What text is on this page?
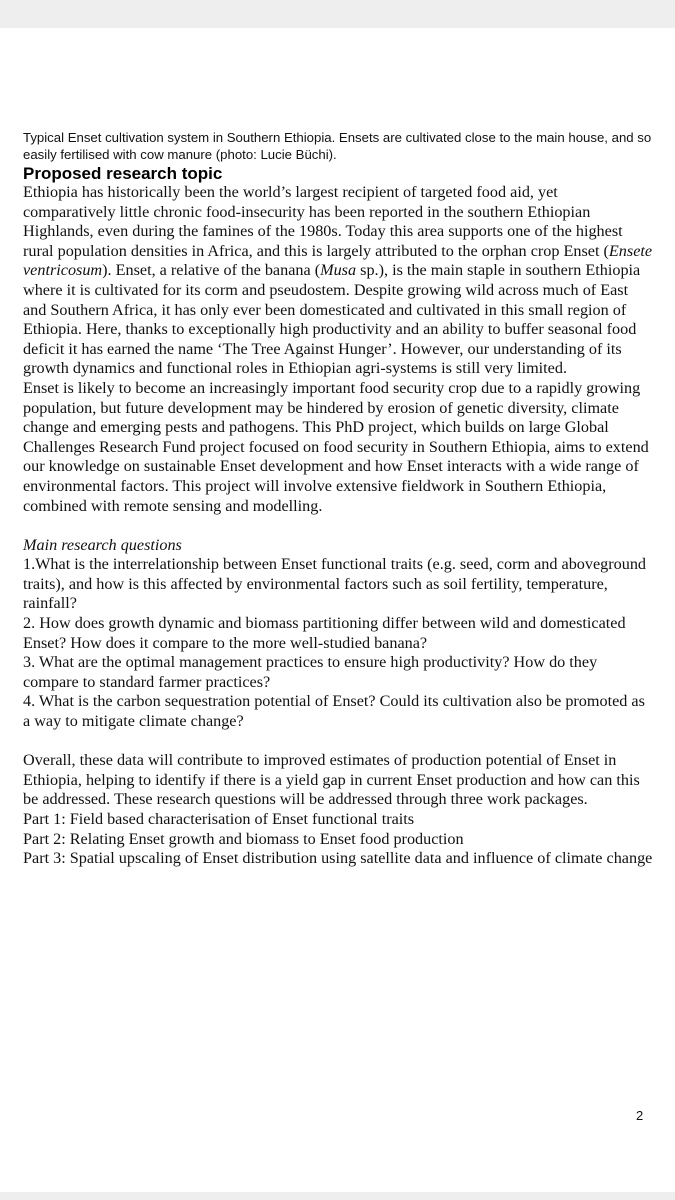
Typical Enset cultivation system in Southern Ethiopia. Ensets are cultivated close to the main house, and so easily fertilised with cow manure (photo: Lucie Büchi).

Proposed research topic

Ethiopia has historically been the world’s largest recipient of targeted food aid, yet comparatively little chronic food-insecurity has been reported in the southern Ethiopian Highlands, even during the famines of the 1980s. Today this area supports one of the highest rural population densities in Africa, and this is largely attributed to the orphan crop Enset (Ensete ventricosum). Enset, a relative of the banana (Musa sp.), is the main staple in southern Ethiopia where it is cultivated for its corm and pseudostem. Despite growing wild across much of East and Southern Africa, it has only ever been domesticated and cultivated in this small region of Ethiopia. Here, thanks to exceptionally high productivity and an ability to buffer seasonal food deficit it has earned the name ‘The Tree Against Hunger’. However, our understanding of its growth dynamics and functional roles in Ethiopian agri-systems is still very limited.

Enset is likely to become an increasingly important food security crop due to a rapidly growing population, but future development may be hindered by erosion of genetic diversity, climate change and emerging pests and pathogens. This PhD project, which builds on large Global Challenges Research Fund project focused on food security in Southern Ethiopia, aims to extend our knowledge on sustainable Enset development and how Enset interacts with a wide range of environmental factors. This project will involve extensive fieldwork in Southern Ethiopia, combined with remote sensing and modelling.

Main research questions

1.What is the interrelationship between Enset functional traits (e.g. seed, corm and aboveground traits), and how is this affected by environmental factors such as soil fertility, temperature, rainfall?

2. How does growth dynamic and biomass partitioning differ between wild and domesticated Enset? How does it compare to the more well-studied banana?

3. What are the optimal management practices to ensure high productivity? How do they compare to standard farmer practices?

4. What is the carbon sequestration potential of Enset? Could its cultivation also be promoted as a way to mitigate climate change?

Overall, these data will contribute to improved estimates of production potential of Enset in Ethiopia, helping to identify if there is a yield gap in current Enset production and how can this be addressed. These research questions will be addressed through three work packages.

Part 1: Field based characterisation of Enset functional traits

Part 2: Relating Enset growth and biomass to Enset food production

Part 3: Spatial upscaling of Enset distribution using satellite data and influence of climate change

2
